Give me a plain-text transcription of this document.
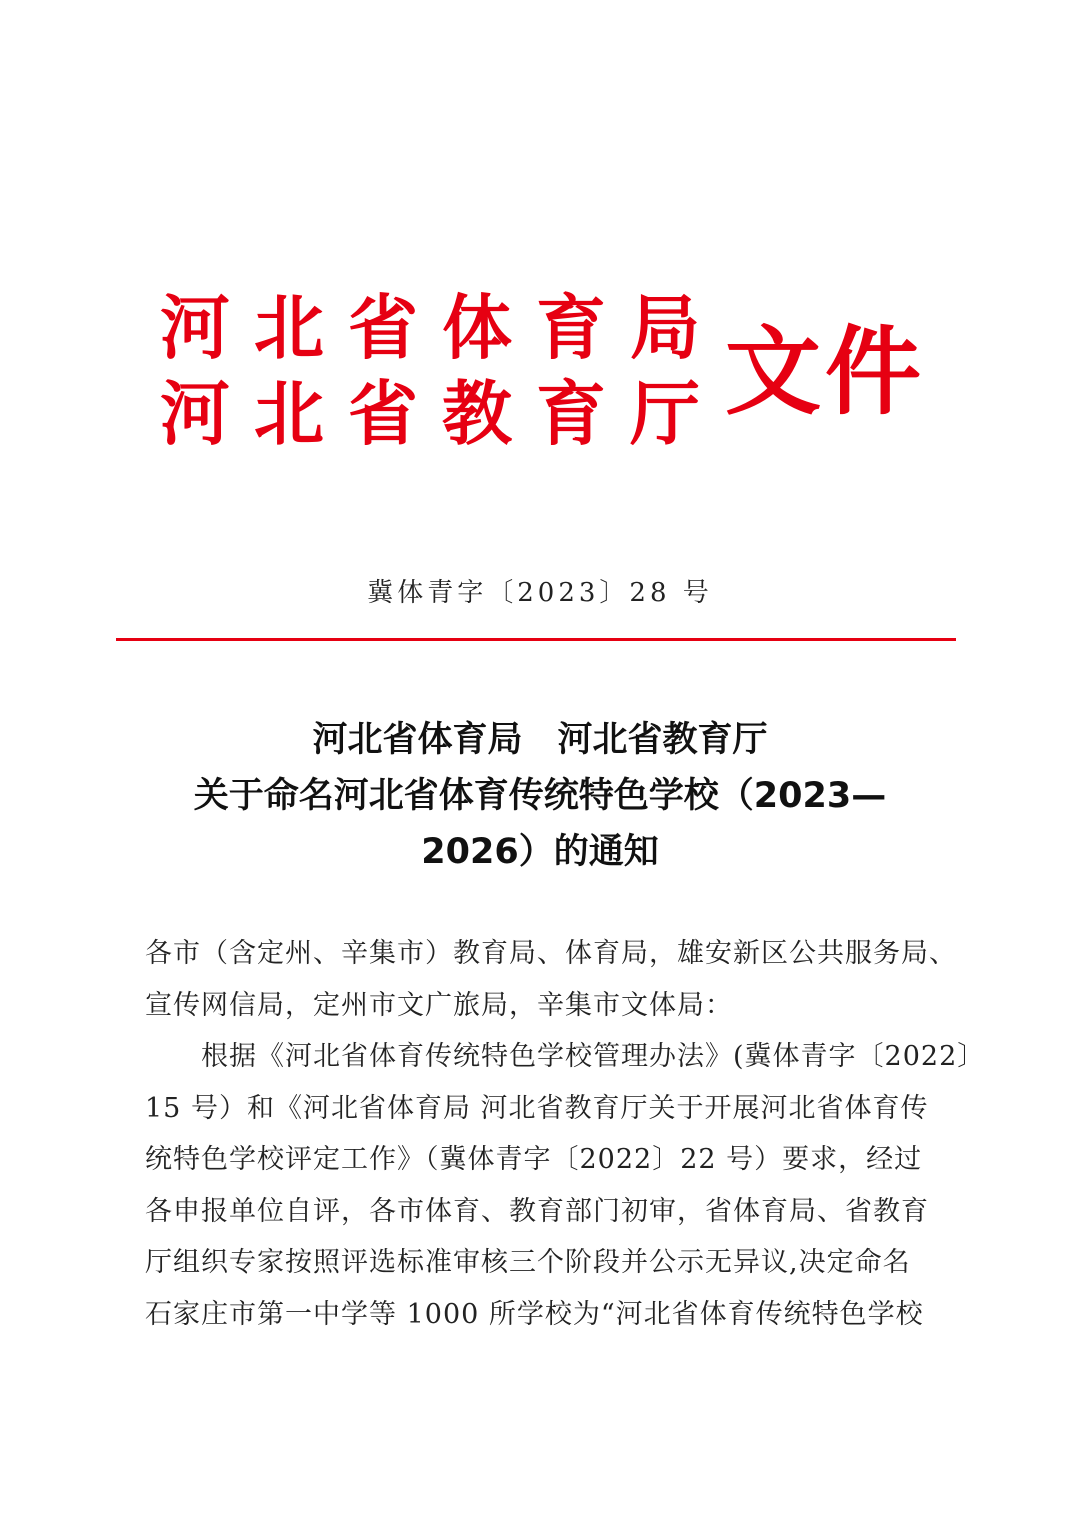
河北省体育局
河北省教育厅 文件
冀体青字〔2023〕28 号
河北省体育局　河北省教育厅
关于命名河北省体育传统特色学校（2023—
2026）的通知
各市（含定州、辛集市）教育局、体育局，雄安新区公共服务局、
宣传网信局，定州市文广旅局，辛集市文体局：
根据《河北省体育传统特色学校管理办法》(冀体青字〔2022〕
15 号）和《河北省体育局 河北省教育厅关于开展河北省体育传
统特色学校评定工作》（冀体青字〔2022〕22 号）要求，经过
各申报单位自评，各市体育、教育部门初审，省体育局、省教育
厅组织专家按照评选标准审核三个阶段并公示无异议,决定命名
石家庄市第一中学等 1000 所学校为“河北省体育传统特色学校
